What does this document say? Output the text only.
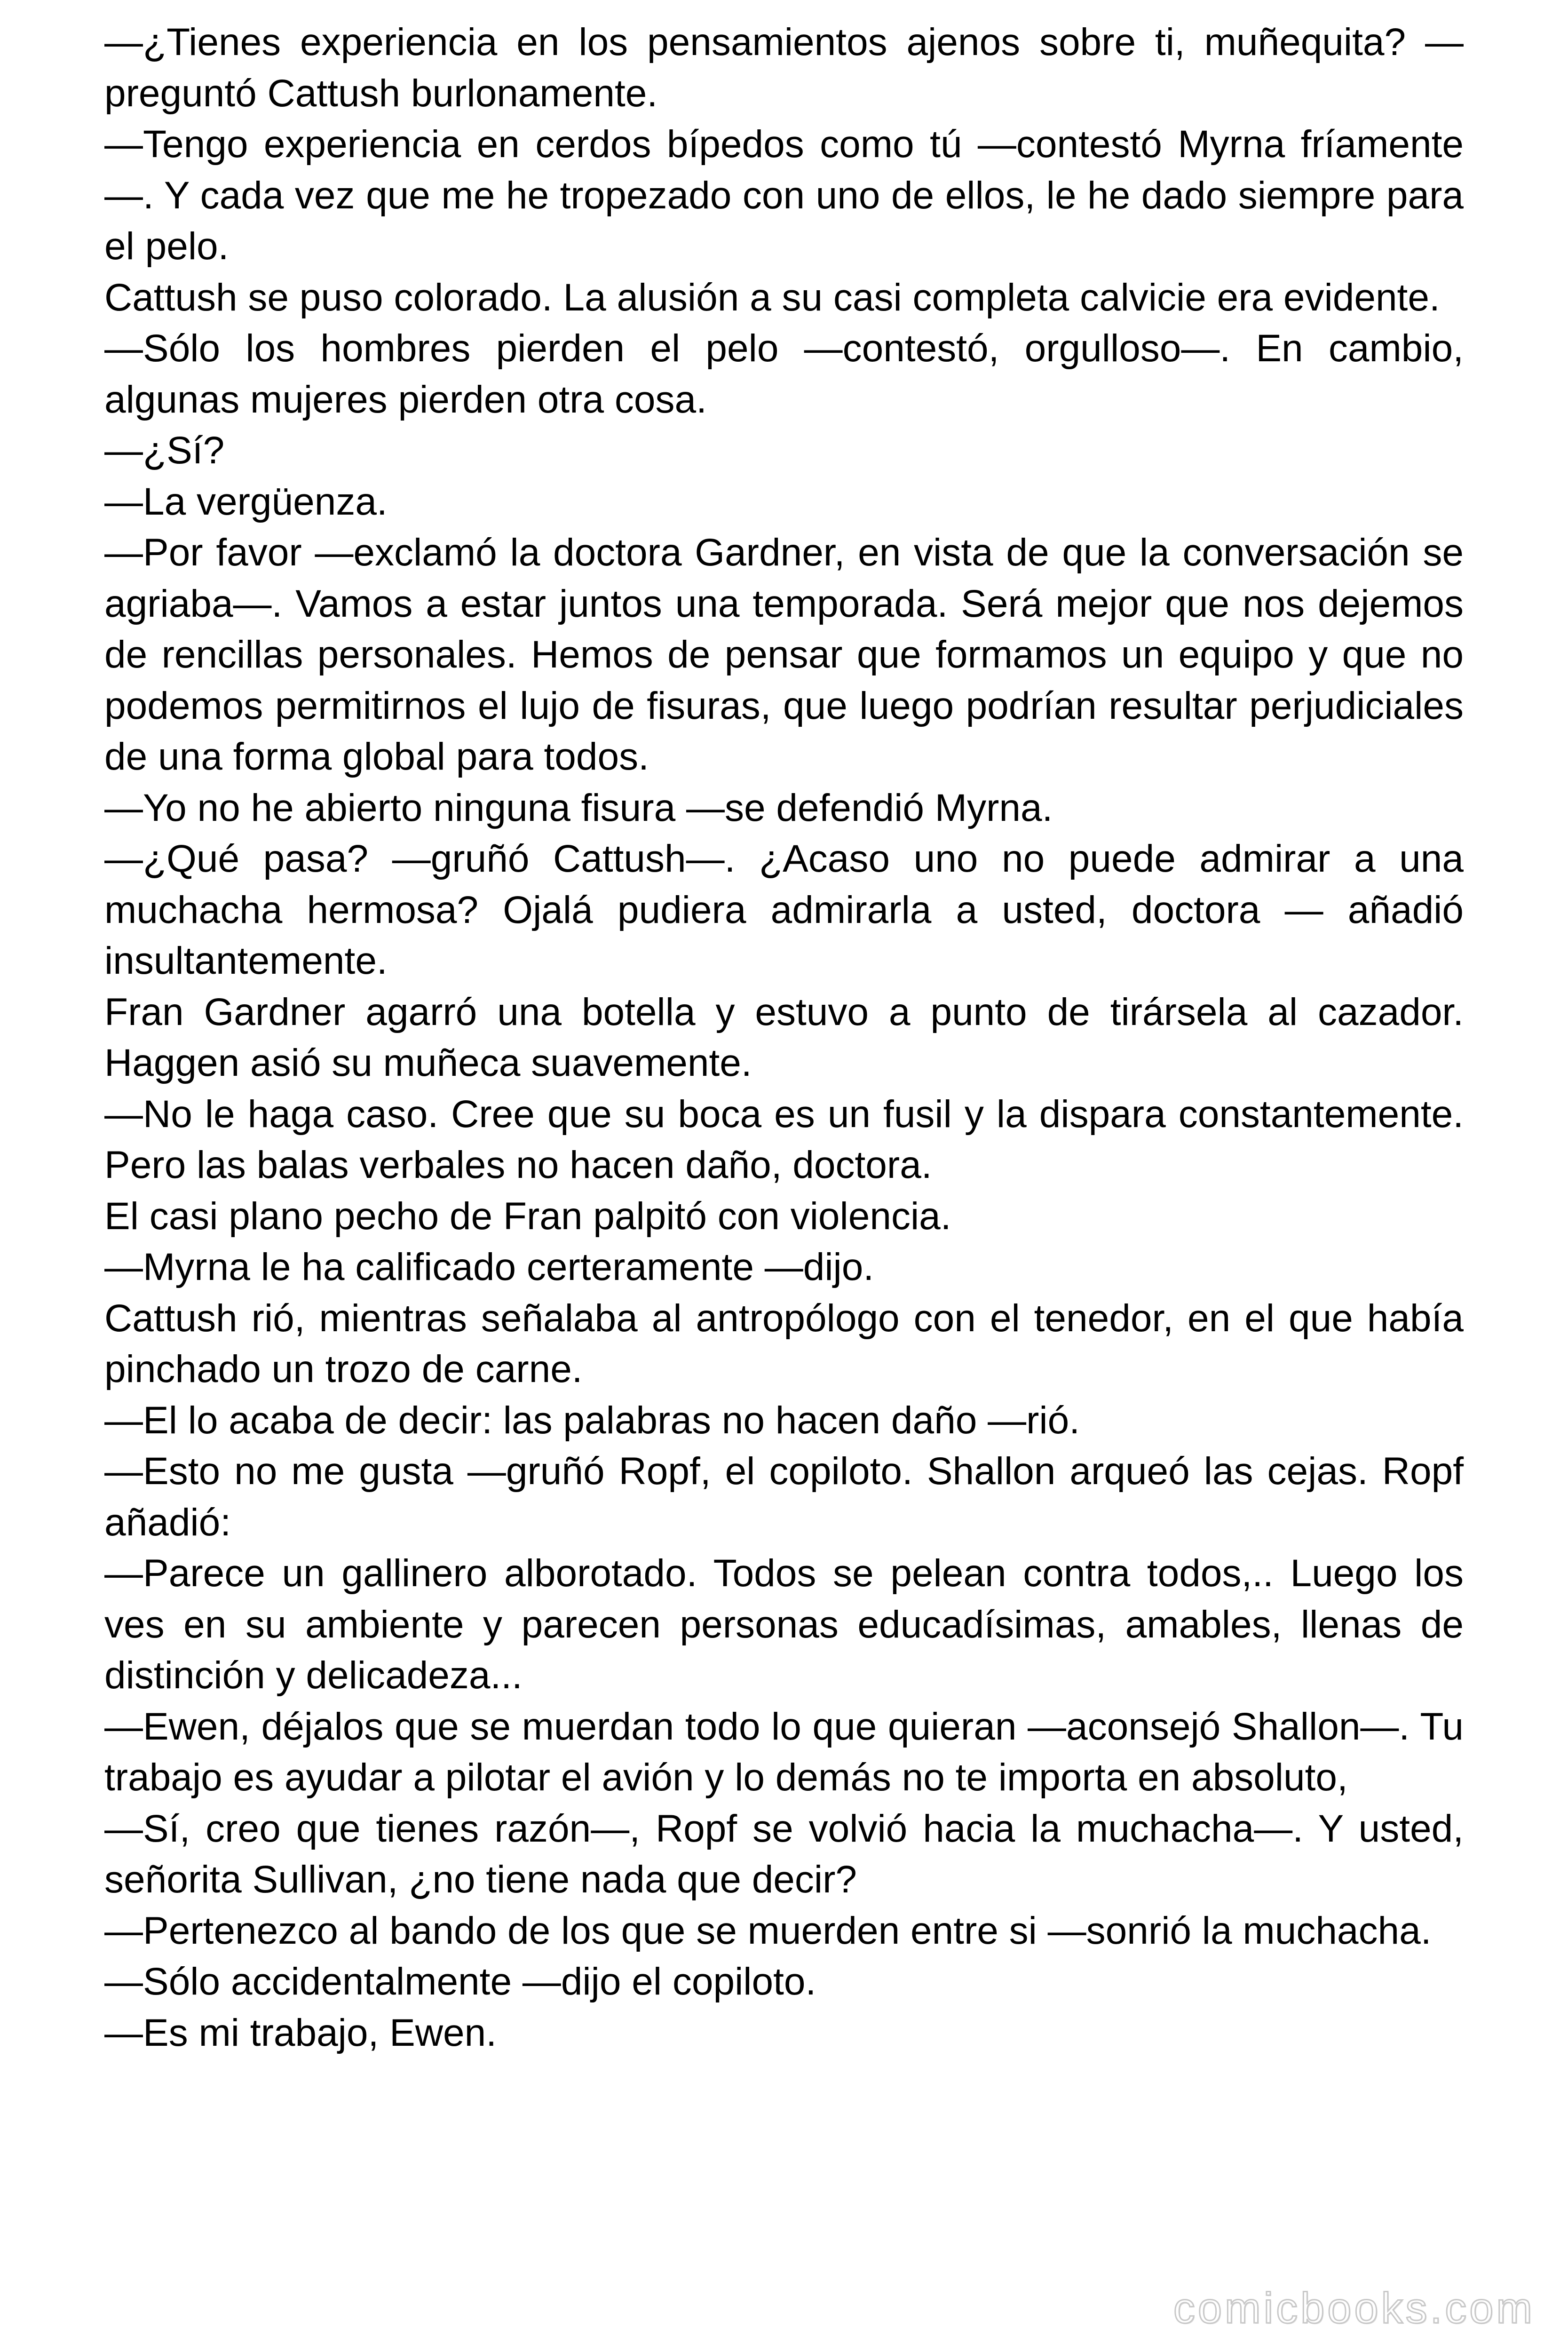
—¿Tienes experiencia en los pensamientos ajenos sobre ti, muñequita? —preguntó Cattush burlonamente.

—Tengo experiencia en cerdos bípedos como tú —contestó Myrna fríamente—. Y cada vez que me he tropezado con uno de ellos, le he dado siempre para el pelo.

Cattush se puso colorado. La alusión a su casi completa calvicie era evidente.

—Sólo los hombres pierden el pelo —contestó, orgulloso—. En cambio, algunas mujeres pierden otra cosa.

—¿Sí?

—La vergüenza.

—Por favor —exclamó la doctora Gardner, en vista de que la conversación se agriaba—. Vamos a estar juntos una temporada. Será mejor que nos dejemos de rencillas personales. Hemos de pensar que formamos un equipo y que no podemos permitirnos el lujo de fisuras, que luego podrían resultar perjudiciales de una forma global para todos.

—Yo no he abierto ninguna fisura —se defendió Myrna.

—¿Qué pasa? —gruñó Cattush—. ¿Acaso uno no puede admirar a una muchacha hermosa? Ojalá pudiera admirarla a usted, doctora — añadió insultantemente.

Fran Gardner agarró una botella y estuvo a punto de tirársela al cazador. Haggen asió su muñeca suavemente.

—No le haga caso. Cree que su boca es un fusil y la dispara constantemente. Pero las balas verbales no hacen daño, doctora.

El casi plano pecho de Fran palpitó con violencia.

—Myrna le ha calificado certeramente —dijo.

Cattush rió, mientras señalaba al antropólogo con el tenedor, en el que había pinchado un trozo de carne.

—El lo acaba de decir: las palabras no hacen daño —rió.

—Esto no me gusta —gruñó Ropf, el copiloto. Shallon arqueó las cejas. Ropf añadió:

—Parece un gallinero alborotado. Todos se pelean contra todos,.. Luego los ves en su ambiente y parecen personas educadísimas, amables, llenas de distinción y delicadeza...

—Ewen, déjalos que se muerdan todo lo que quieran —aconsejó Shallon—. Tu trabajo es ayudar a pilotar el avión y lo demás no te importa en absoluto,

—Sí, creo que tienes razón—, Ropf se volvió hacia la muchacha—. Y usted, señorita Sullivan, ¿no tiene nada que decir?

—Pertenezco al bando de los que se muerden entre si —sonrió la muchacha.

—Sólo accidentalmente —dijo el copiloto.

—Es mi trabajo, Ewen.

comicbooks.com
